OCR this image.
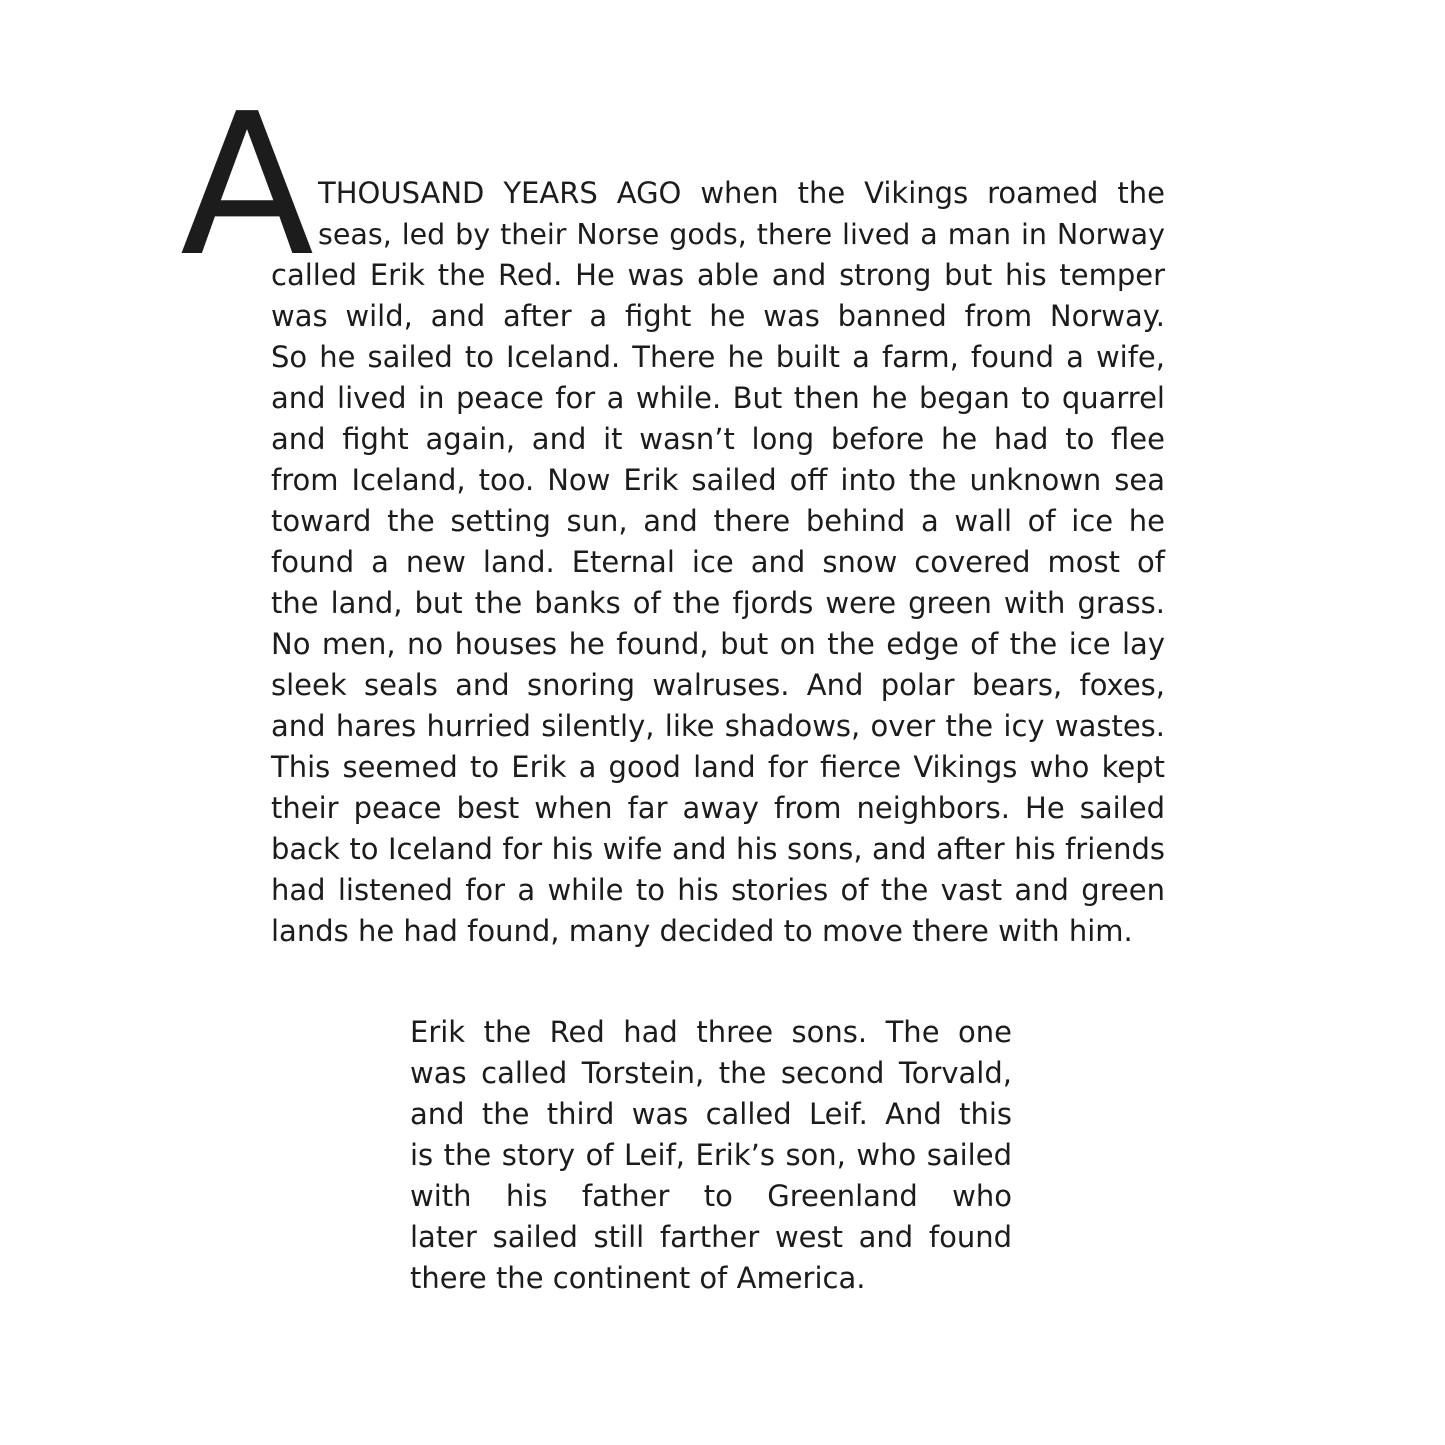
A THOUSAND YEARS AGO when the Vikings roamed the
seas, led by their Norse gods, there lived a man in Norway
called Erik the Red. He was able and strong but his temper
was wild, and after a fight he was banned from Norway.
So he sailed to Iceland. There he built a farm, found a wife,
and lived in peace for a while. But then he began to quarrel
and fight again, and it wasn’t long before he had to flee
from Iceland, too. Now Erik sailed off into the unknown sea
toward the setting sun, and there behind a wall of ice he
found a new land. Eternal ice and snow covered most of
the land, but the banks of the fjords were green with grass.
No men, no houses he found, but on the edge of the ice lay
sleek seals and snoring walruses. And polar bears, foxes,
and hares hurried silently, like shadows, over the icy wastes.
This seemed to Erik a good land for fierce Vikings who kept
their peace best when far away from neighbors. He sailed
back to Iceland for his wife and his sons, and after his friends
had listened for a while to his stories of the vast and green
lands he had found, many decided to move there with him.
Erik the Red had three sons. The one
was called Torstein, the second Torvald,
and the third was called Leif. And this
is the story of Leif, Erik’s son, who sailed
with his father to Greenland who
later sailed still farther west and found
there the continent of America.
